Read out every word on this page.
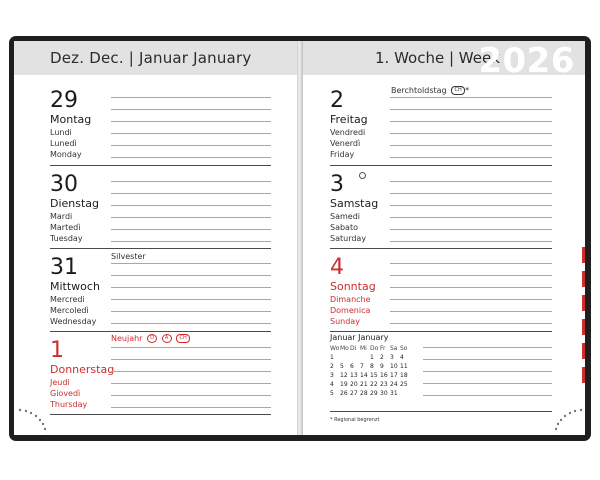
Dez. Dec. | Januar January
29
Montag
Lundi
Lunedì
Monday
30
Dienstag
Mardi
Martedì
Tuesday
31
Mittwoch
Mercredi
Mercoledì
Wednesday
Silvester
1
Donnerstag
Jeudi
Giovedì
Thursday
Neujahr D A CH
1. Woche | Week
2026
2
Freitag
Vendredi
Venerdì
Friday
Berchtoldstag CH *
3
Samstag
Samedi
Sabato
Saturday
4
Sonntag
Dimanche
Domenica
Sunday
Januar January
Wo	Mo	Di	Mi	Do	Fr	Sa	So
1				1	2	3	4
2	5	6	7	8	9	10	11
3	12	13	14	15	16	17	18
4	19	20	21	22	23	24	25
5	26	27	28	29	30	31	
* Regional begrenzt
